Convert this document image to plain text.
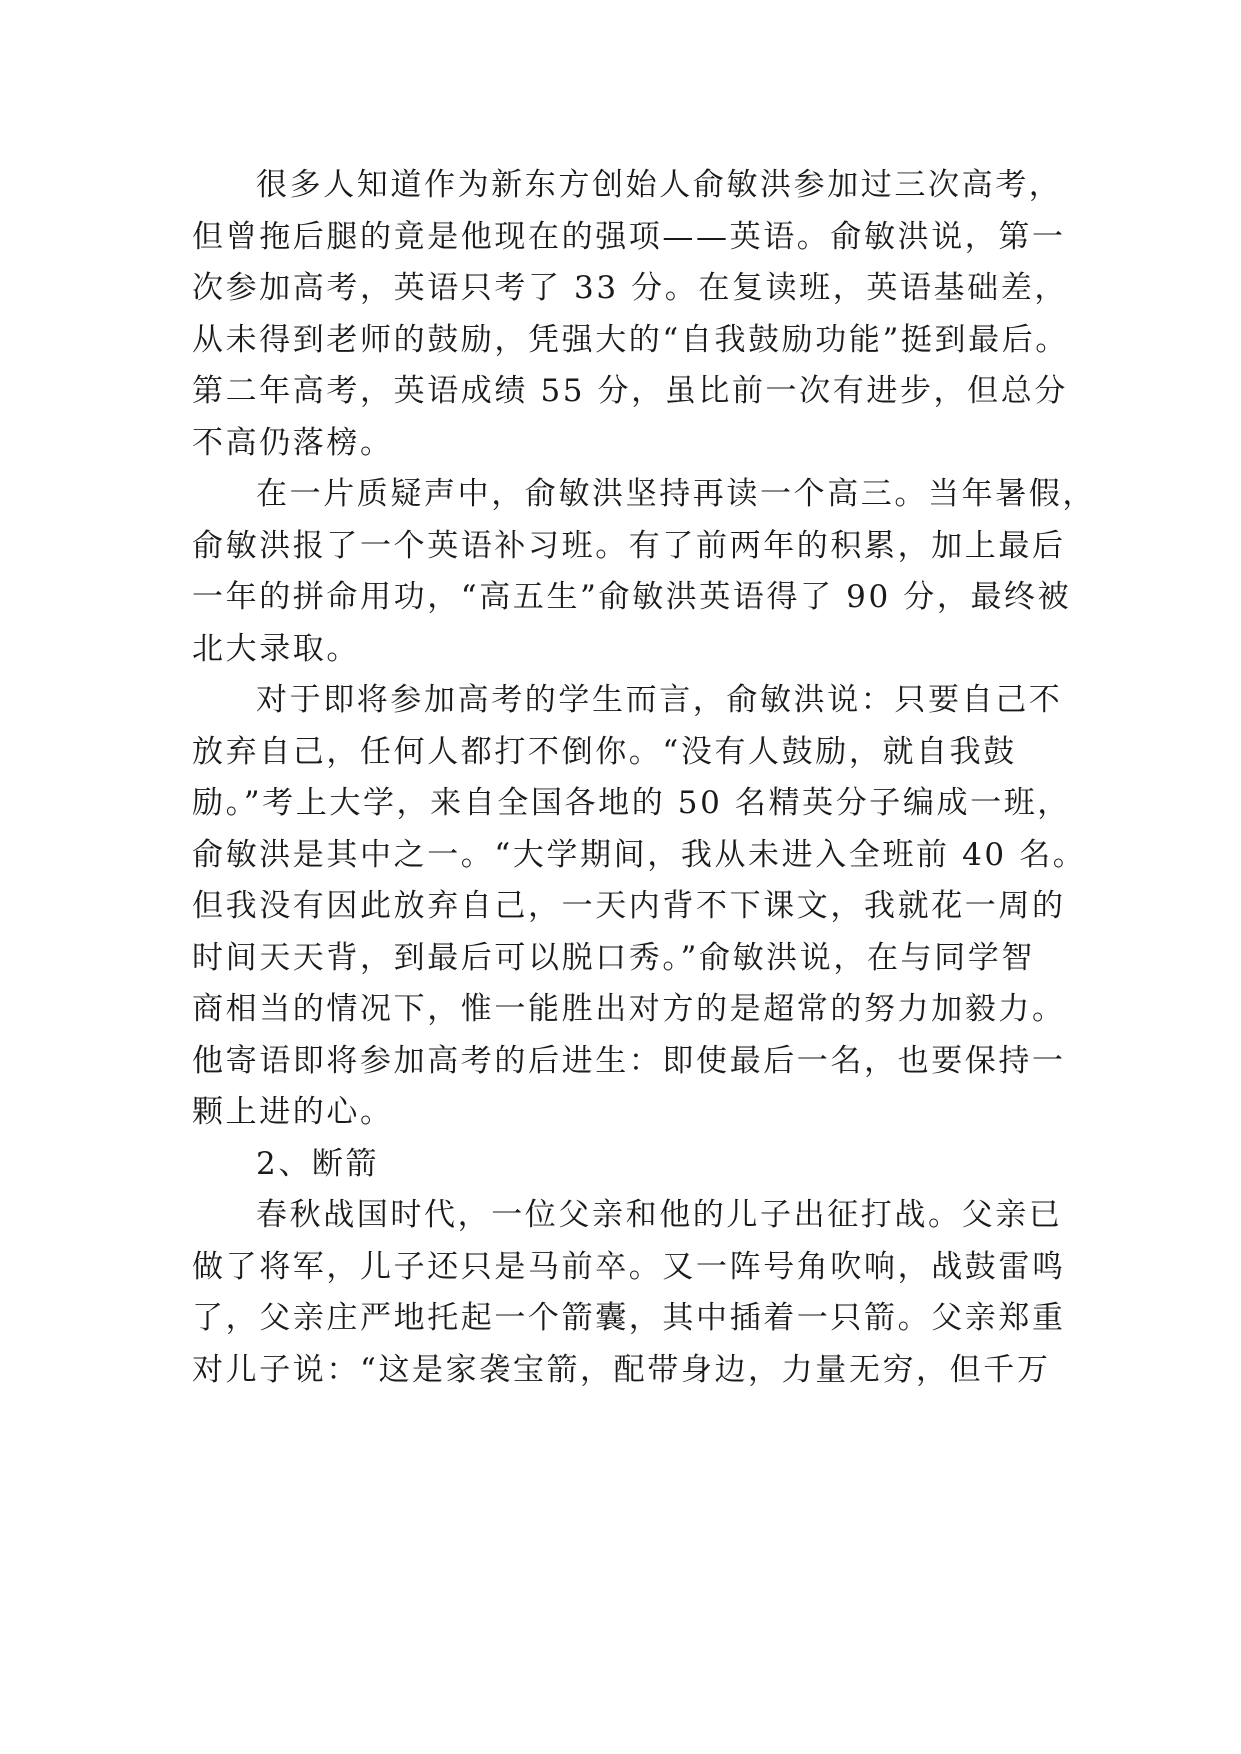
很多人知道作为新东方创始人俞敏洪参加过三次高考，
但曾拖后腿的竟是他现在的强项——英语。俞敏洪说，第一
次参加高考，英语只考了 33 分。在复读班，英语基础差，
从未得到老师的鼓励，凭强大的“自我鼓励功能”挺到最后。
第二年高考，英语成绩 55 分，虽比前一次有进步，但总分
不高仍落榜。
在一片质疑声中，俞敏洪坚持再读一个高三。当年暑假，
俞敏洪报了一个英语补习班。有了前两年的积累，加上最后
一年的拼命用功，“高五生”俞敏洪英语得了 90 分，最终被
北大录取。
对于即将参加高考的学生而言，俞敏洪说：只要自己不
放弃自己，任何人都打不倒你。“没有人鼓励，就自我鼓
励。”考上大学，来自全国各地的 50 名精英分子编成一班，
俞敏洪是其中之一。“大学期间，我从未进入全班前 40 名。
但我没有因此放弃自己，一天内背不下课文，我就花一周的
时间天天背，到最后可以脱口秀。”俞敏洪说，在与同学智
商相当的情况下，惟一能胜出对方的是超常的努力加毅力。
他寄语即将参加高考的后进生：即使最后一名，也要保持一
颗上进的心。
2、断箭
春秋战国时代，一位父亲和他的儿子出征打战。父亲已
做了将军，儿子还只是马前卒。又一阵号角吹响，战鼓雷鸣
了，父亲庄严地托起一个箭囊，其中插着一只箭。父亲郑重
对儿子说：“这是家袭宝箭，配带身边，力量无穷，但千万
